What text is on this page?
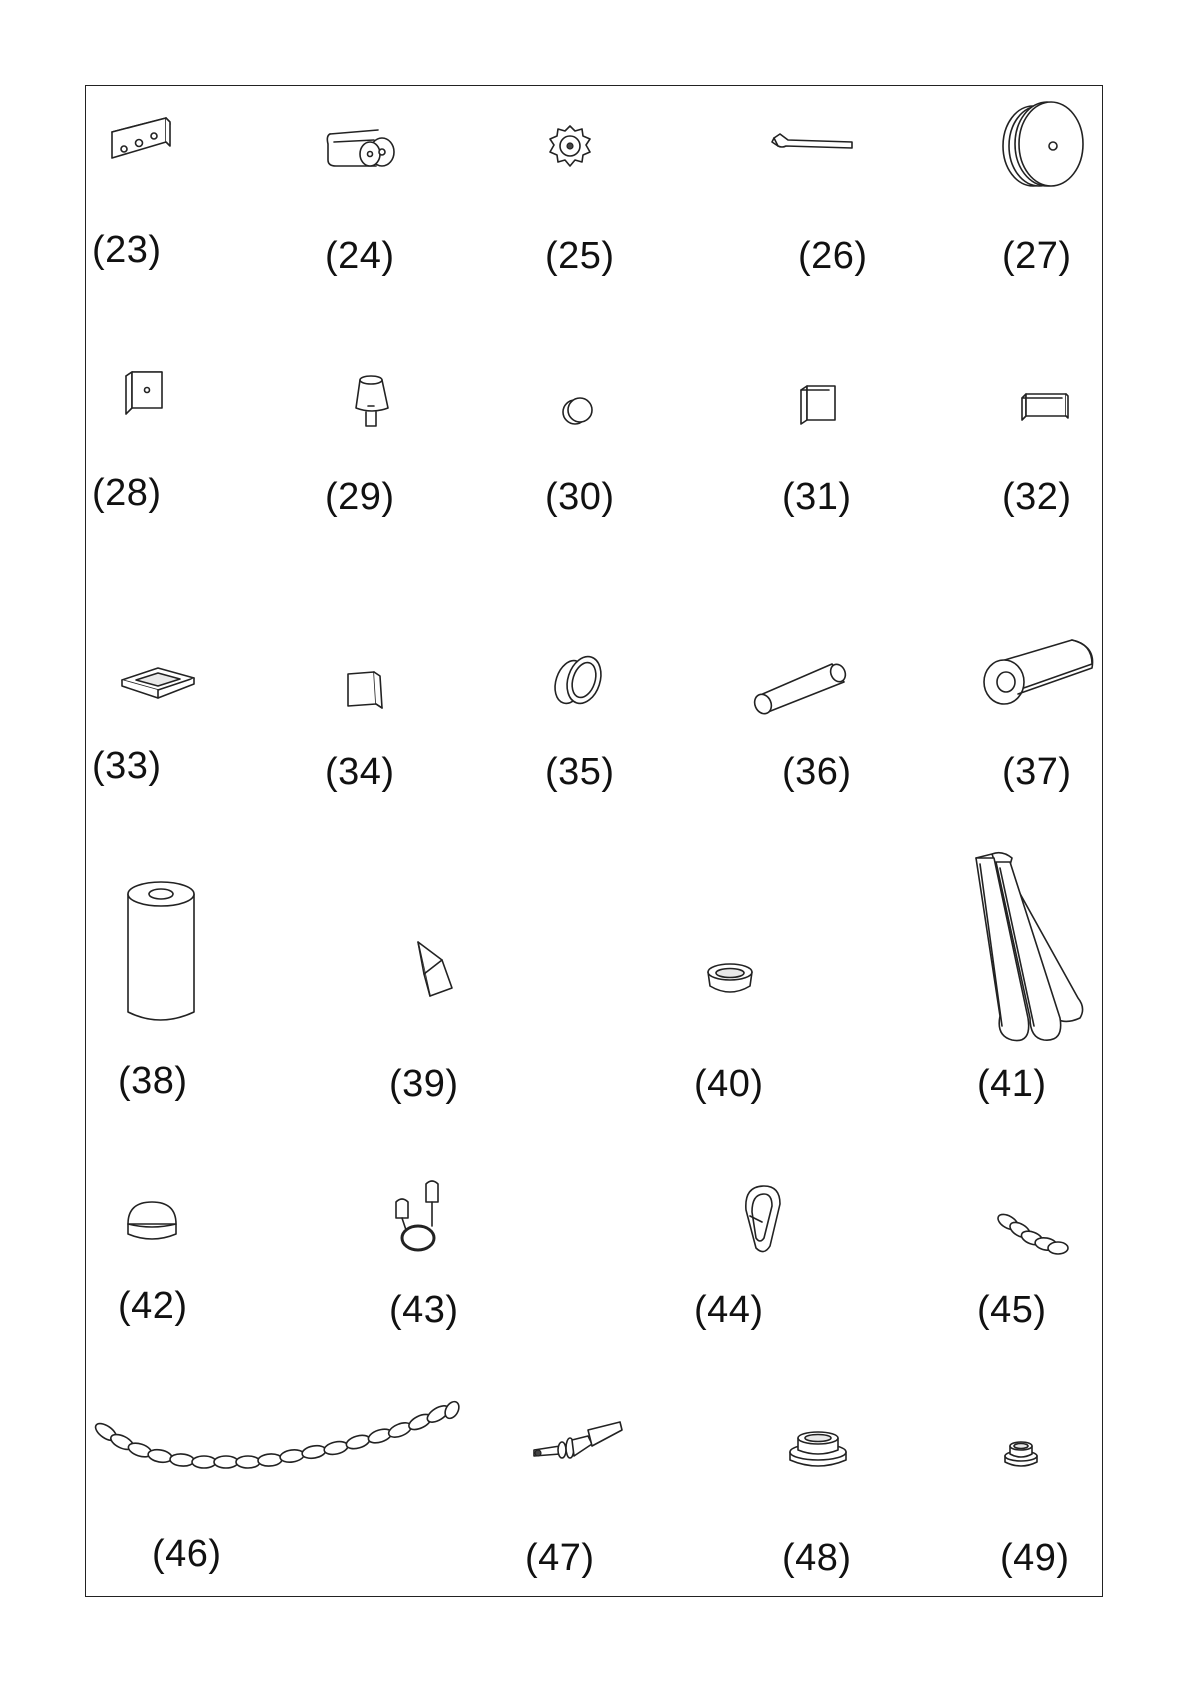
(23)	(24)	(25)	(26)	(27)
(28)	(29)	(30)	(31)	(32)
(33)	(34)	(35)	(36)	(37)
(38)	(39)	(40)	(41)
(42)	(43)	(44)	(45)
(46)	(47)	(48)	(49)
